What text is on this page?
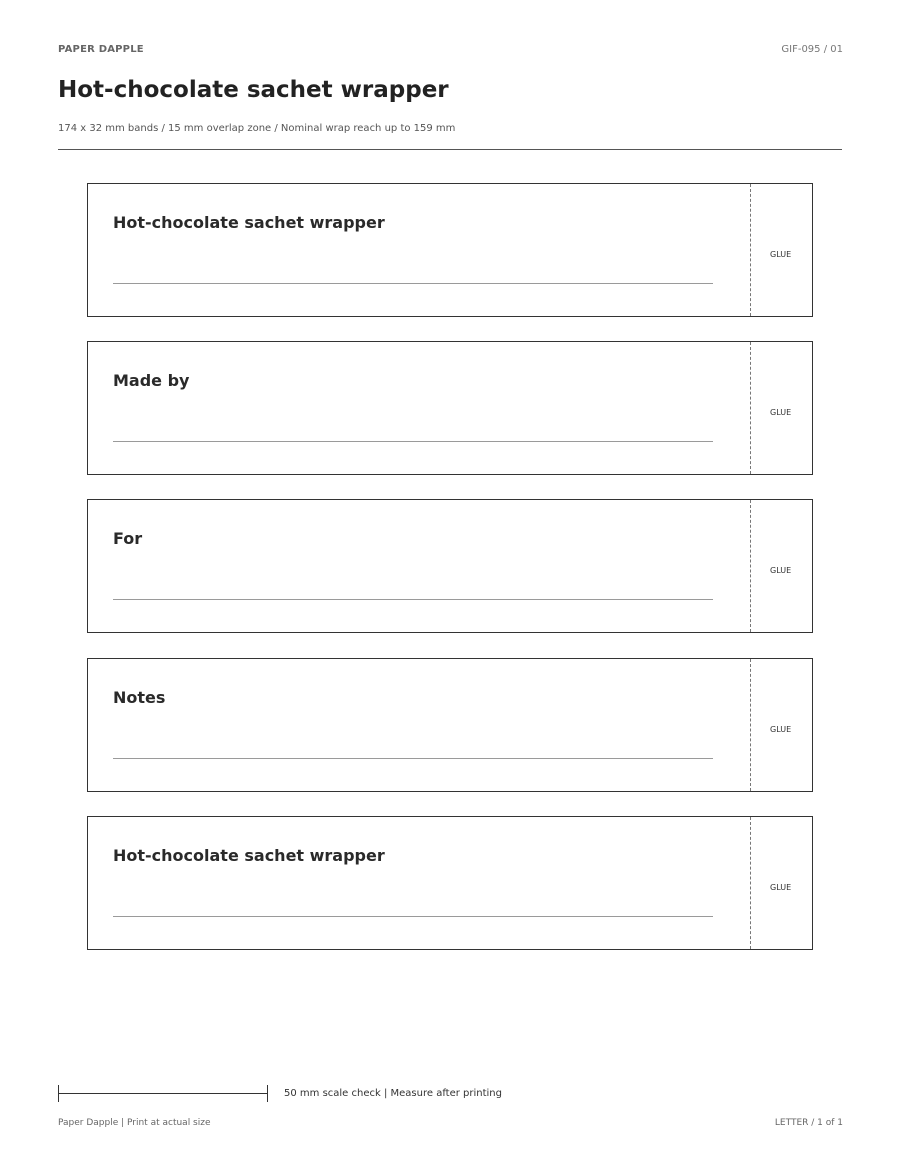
PAPER DAPPLE	GIF-095 / 01
Hot-chocolate sachet wrapper
174 x 32 mm bands / 15 mm overlap zone / Nominal wrap reach up to 159 mm
Hot-chocolate sachet wrapper
GLUE
Made by
GLUE
For
GLUE
Notes
GLUE
Hot-chocolate sachet wrapper
GLUE
50 mm scale check | Measure after printing
Paper Dapple | Print at actual size	LETTER / 1 of 1
